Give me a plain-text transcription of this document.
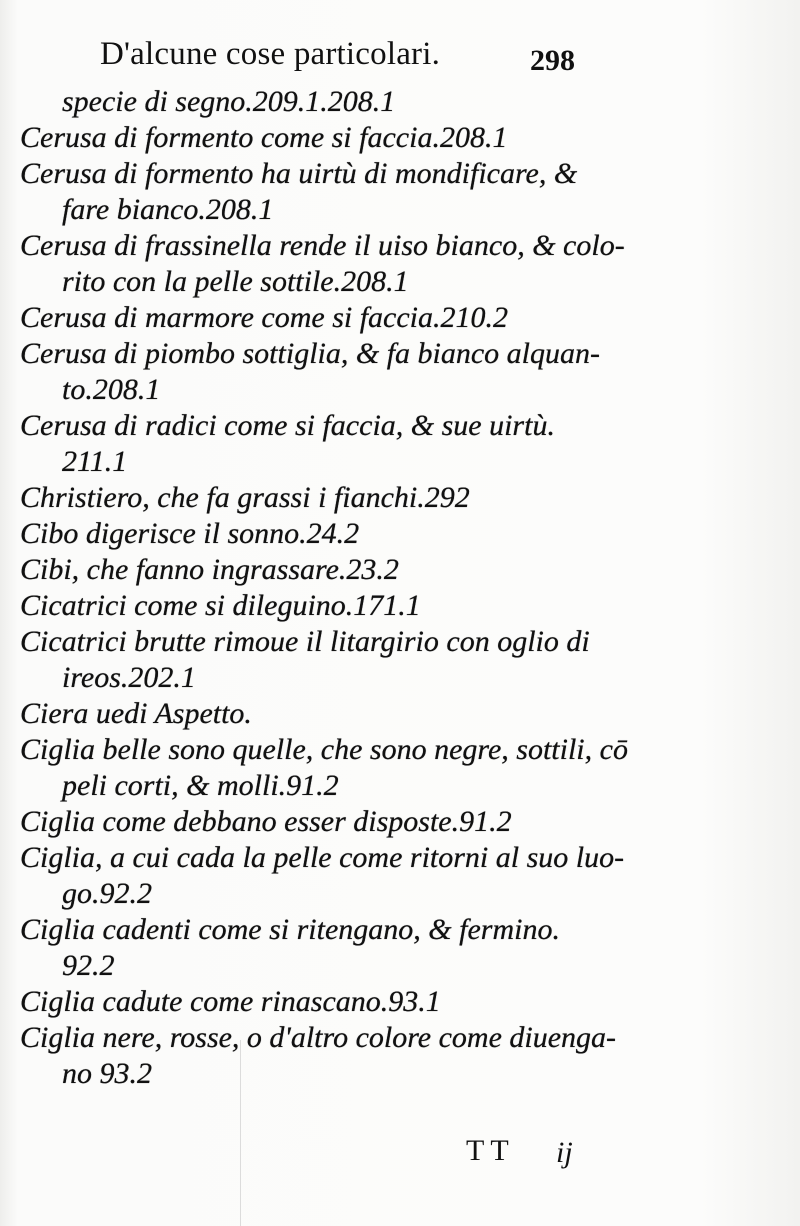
D'alcune cose particolari.	298
specie di segno.209.1.208.1
Cerusa di formento come si faccia.208.1
Cerusa di formento ha uirtù di mondificare, &
fare bianco.208.1
Cerusa di frassinella rende il uiso bianco, & colo-
rito con la pelle sottile.208.1
Cerusa di marmore come si faccia.210.2
Cerusa di piombo sottiglia, & fa bianco alquan-
to.208.1
Cerusa di radici come si faccia, & sue uirtù.
211.1
Christiero, che fa grassi i fianchi.292
Cibo digerisce il sonno.24.2
Cibi, che fanno ingrassare.23.2
Cicatrici come si dileguino.171.1
Cicatrici brutte rimoue il litargirio con oglio di
ireos.202.1
Ciera uedi Aspetto.
Ciglia belle sono quelle, che sono negre, sottili, cō
peli corti, & molli.91.2
Ciglia come debbano esser disposte.91.2
Ciglia, a cui cada la pelle come ritorni al suo luo-
go.92.2
Ciglia cadenti come si ritengano, & fermino.
92.2
Ciglia cadute come rinascano.93.1
Ciglia nere, rosse, o d'altro colore come diuenga-
no 93.2
TT ij
